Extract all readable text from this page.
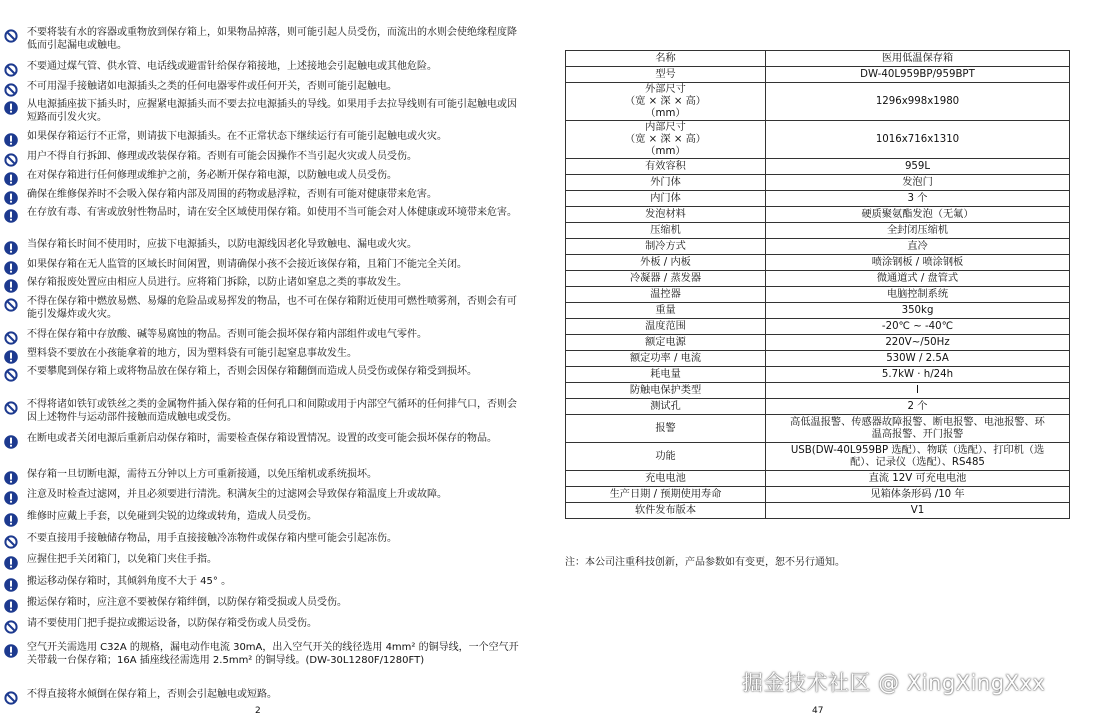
不要将装有水的容器或重物放到保存箱上，如果物品掉落，则可能引起人员受伤，而流出的水则会使绝缘程度降低而引起漏电或触电。
不要通过煤气管、供水管、电话线或避雷针给保存箱接地，上述接地会引起触电或其他危险。
不可用湿手接触诸如电源插头之类的任何电器零件或任何开关，否则可能引起触电。
从电源插座拔下插头时，应握紧电源插头而不要去拉电源插头的导线。如果用手去拉导线则有可能引起触电或因短路而引发火灾。
如果保存箱运行不正常，则请拔下电源插头。在不正常状态下继续运行有可能引起触电或火灾。
用户不得自行拆卸、修理或改装保存箱。否则有可能会因操作不当引起火灾或人员受伤。
在对保存箱进行任何修理或维护之前，务必断开保存箱电源，以防触电或人员受伤。
确保在维修保养时不会吸入保存箱内部及周围的药物或悬浮粒，否则有可能对健康带来危害。
在存放有毒、有害或放射性物品时，请在安全区域使用保存箱。如使用不当可能会对人体健康或环境带来危害。
当保存箱长时间不使用时，应拔下电源插头，以防电源线因老化导致触电、漏电或火灾。
如果保存箱在无人监管的区域长时间闲置，则请确保小孩不会接近该保存箱，且箱门不能完全关闭。
保存箱报废处置应由相应人员进行。应将箱门拆除，以防止诸如窒息之类的事故发生。
不得在保存箱中燃放易燃、易爆的危险品或易挥发的物品，也不可在保存箱附近使用可燃性喷雾剂，否则会有可能引发爆炸或火灾。
不得在保存箱中存放酸、碱等易腐蚀的物品。否则可能会损坏保存箱内部组件或电气零件。
塑料袋不要放在小孩能拿着的地方，因为塑料袋有可能引起窒息事故发生。
不要攀爬到保存箱上或将物品放在保存箱上，否则会因保存箱翻倒而造成人员受伤或保存箱受到损坏。
不得将诸如铁钉或铁丝之类的金属物件插入保存箱的任何孔口和间隙或用于内部空气循环的任何排气口，否则会因上述物件与运动部件接触而造成触电或受伤。
在断电或者关闭电源后重新启动保存箱时，需要检查保存箱设置情况。设置的改变可能会损坏保存的物品。
保存箱一旦切断电源，需待五分钟以上方可重新接通，以免压缩机或系统损坏。
注意及时检查过滤网，并且必须要进行清洗。积满灰尘的过滤网会导致保存箱温度上升或故障。
维修时应戴上手套，以免碰到尖锐的边缘或转角，造成人员受伤。
不要直接用手接触储存物品，用手直接接触冷冻物件或保存箱内壁可能会引起冻伤。
应握住把手关闭箱门，以免箱门夹住手指。
搬运移动保存箱时，其倾斜角度不大于 45° 。
搬运保存箱时，应注意不要被保存箱绊倒，以防保存箱受损或人员受伤。
请不要使用门把手提拉或搬运设备，以防保存箱受伤或人员受伤。
空气开关需选用 C32A 的规格，漏电动作电流 30mA，出入空气开关的线径选用 4mm² 的铜导线，一个空气开关带载一台保存箱；16A 插座线径需选用 2.5mm² 的铜导线。(DW-30L1280F/1280FT)
不得直接将水倾倒在保存箱上，否则会引起触电或短路。
2
名称	医用低温保存箱
型号	DW-40L959BP/959BPT
外部尺寸
（宽 × 深 × 高）
（mm）	1296x998x1980
内部尺寸
（宽 × 深 × 高）
（mm）	1016x716x1310
有效容积	959L
外门体	发泡门
内门体	3 个
发泡材料	硬质聚氨酯发泡（无氟）
压缩机	全封闭压缩机
制冷方式	直冷
外板 / 内板	喷涂钢板 / 喷涂钢板
冷凝器 / 蒸发器	微通道式 / 盘管式
温控器	电脑控制系统
重量	350kg
温度范围	-20℃ ~ -40℃
额定电源	220V~/50Hz
额定功率 / 电流	530W / 2.5A
耗电量	5.7kW · h/24h
防触电保护类型	I
测试孔	2 个
报警	高低温报警、传感器故障报警、断电报警、电池报警、环
温高报警、开门报警
功能	USB(DW-40L959BP 选配）、物联（选配）、打印机（选
配）、记录仪（选配）、RS485
充电电池	直流 12V 可充电电池
生产日期 / 预期使用寿命	见箱体条形码 /10 年
软件发布版本	V1
注：本公司注重科技创新，产品参数如有变更，恕不另行通知。
47
掘金技术社区 @ XingXingXxx
